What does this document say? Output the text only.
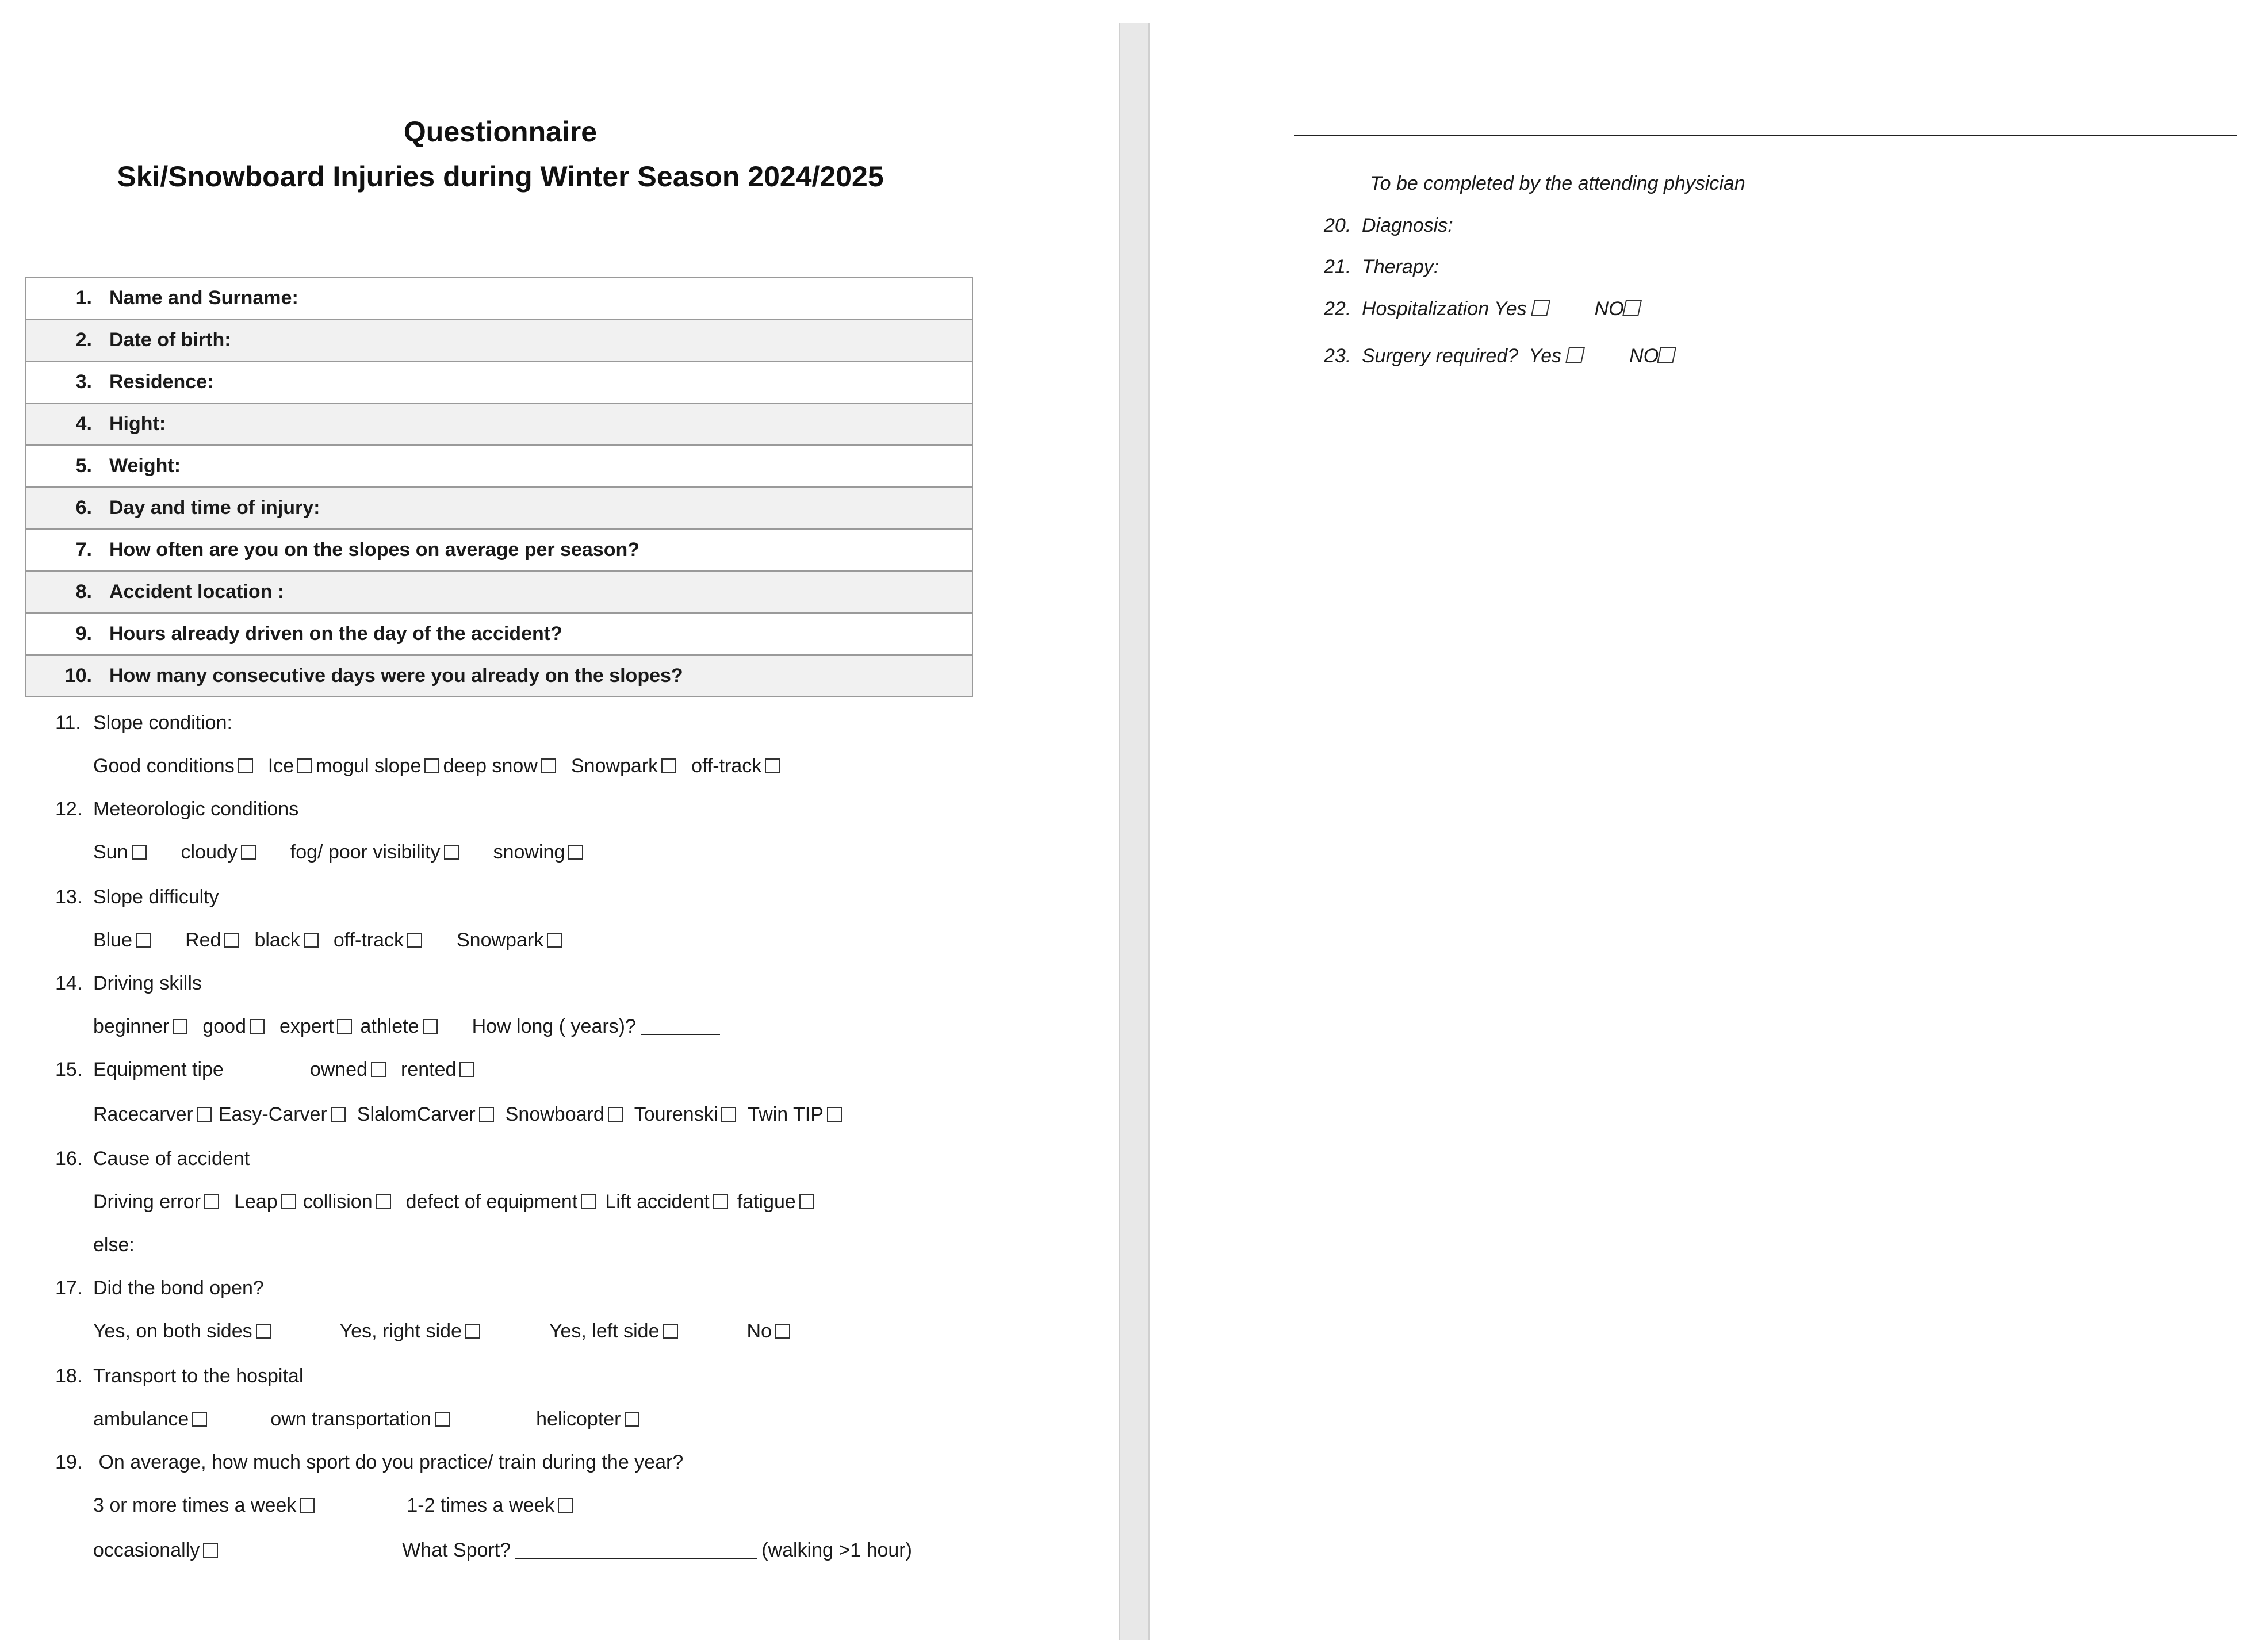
Questionnaire
Ski/Snowboard Injuries during Winter Season 2024/2025
1. Name and Surname:

2. Date of birth:

3. Residence:

4. Hight:

5. Weight:

6. Day and time of injury:

7. How often are you on the slopes on average per season?

8. Accident location :

9. Hours already driven on the day of the accident?

10. How many consecutive days were you already on the slopes?
11. Slope condition:
Good conditions Ice mogul slope deep snow Snowpark off-track
12. Meteorologic conditions
Sun	cloudy	fog/ poor visibility	snowing
13. Slope difficulty
Blue	Red black off-track	Snowpark
14. Driving skills
beginner good expert athlete	How long ( years)?
15. Equipment tipe	owned rented
Racecarver Easy-Carver SlalomCarver Snowboard Tourenski Twin TIP
16. Cause of accident
Driving error Leap collision defect of equipment Lift accident fatigue
else:
17. Did the bond open?
Yes, on both sides	Yes, right side	Yes, left side	No
18. Transport to the hospital
ambulance	own transportation	helicopter
19. On average, how much sport do you practice/ train during the year?
3 or more times a week	1-2 times a week
occasionally	What Sport?	(walking >1 hour)
To be completed by the attending physician
20. Diagnosis:
21. Therapy:
22. Hospitalization Yes	NO
23. Surgery required?  Yes	NO
